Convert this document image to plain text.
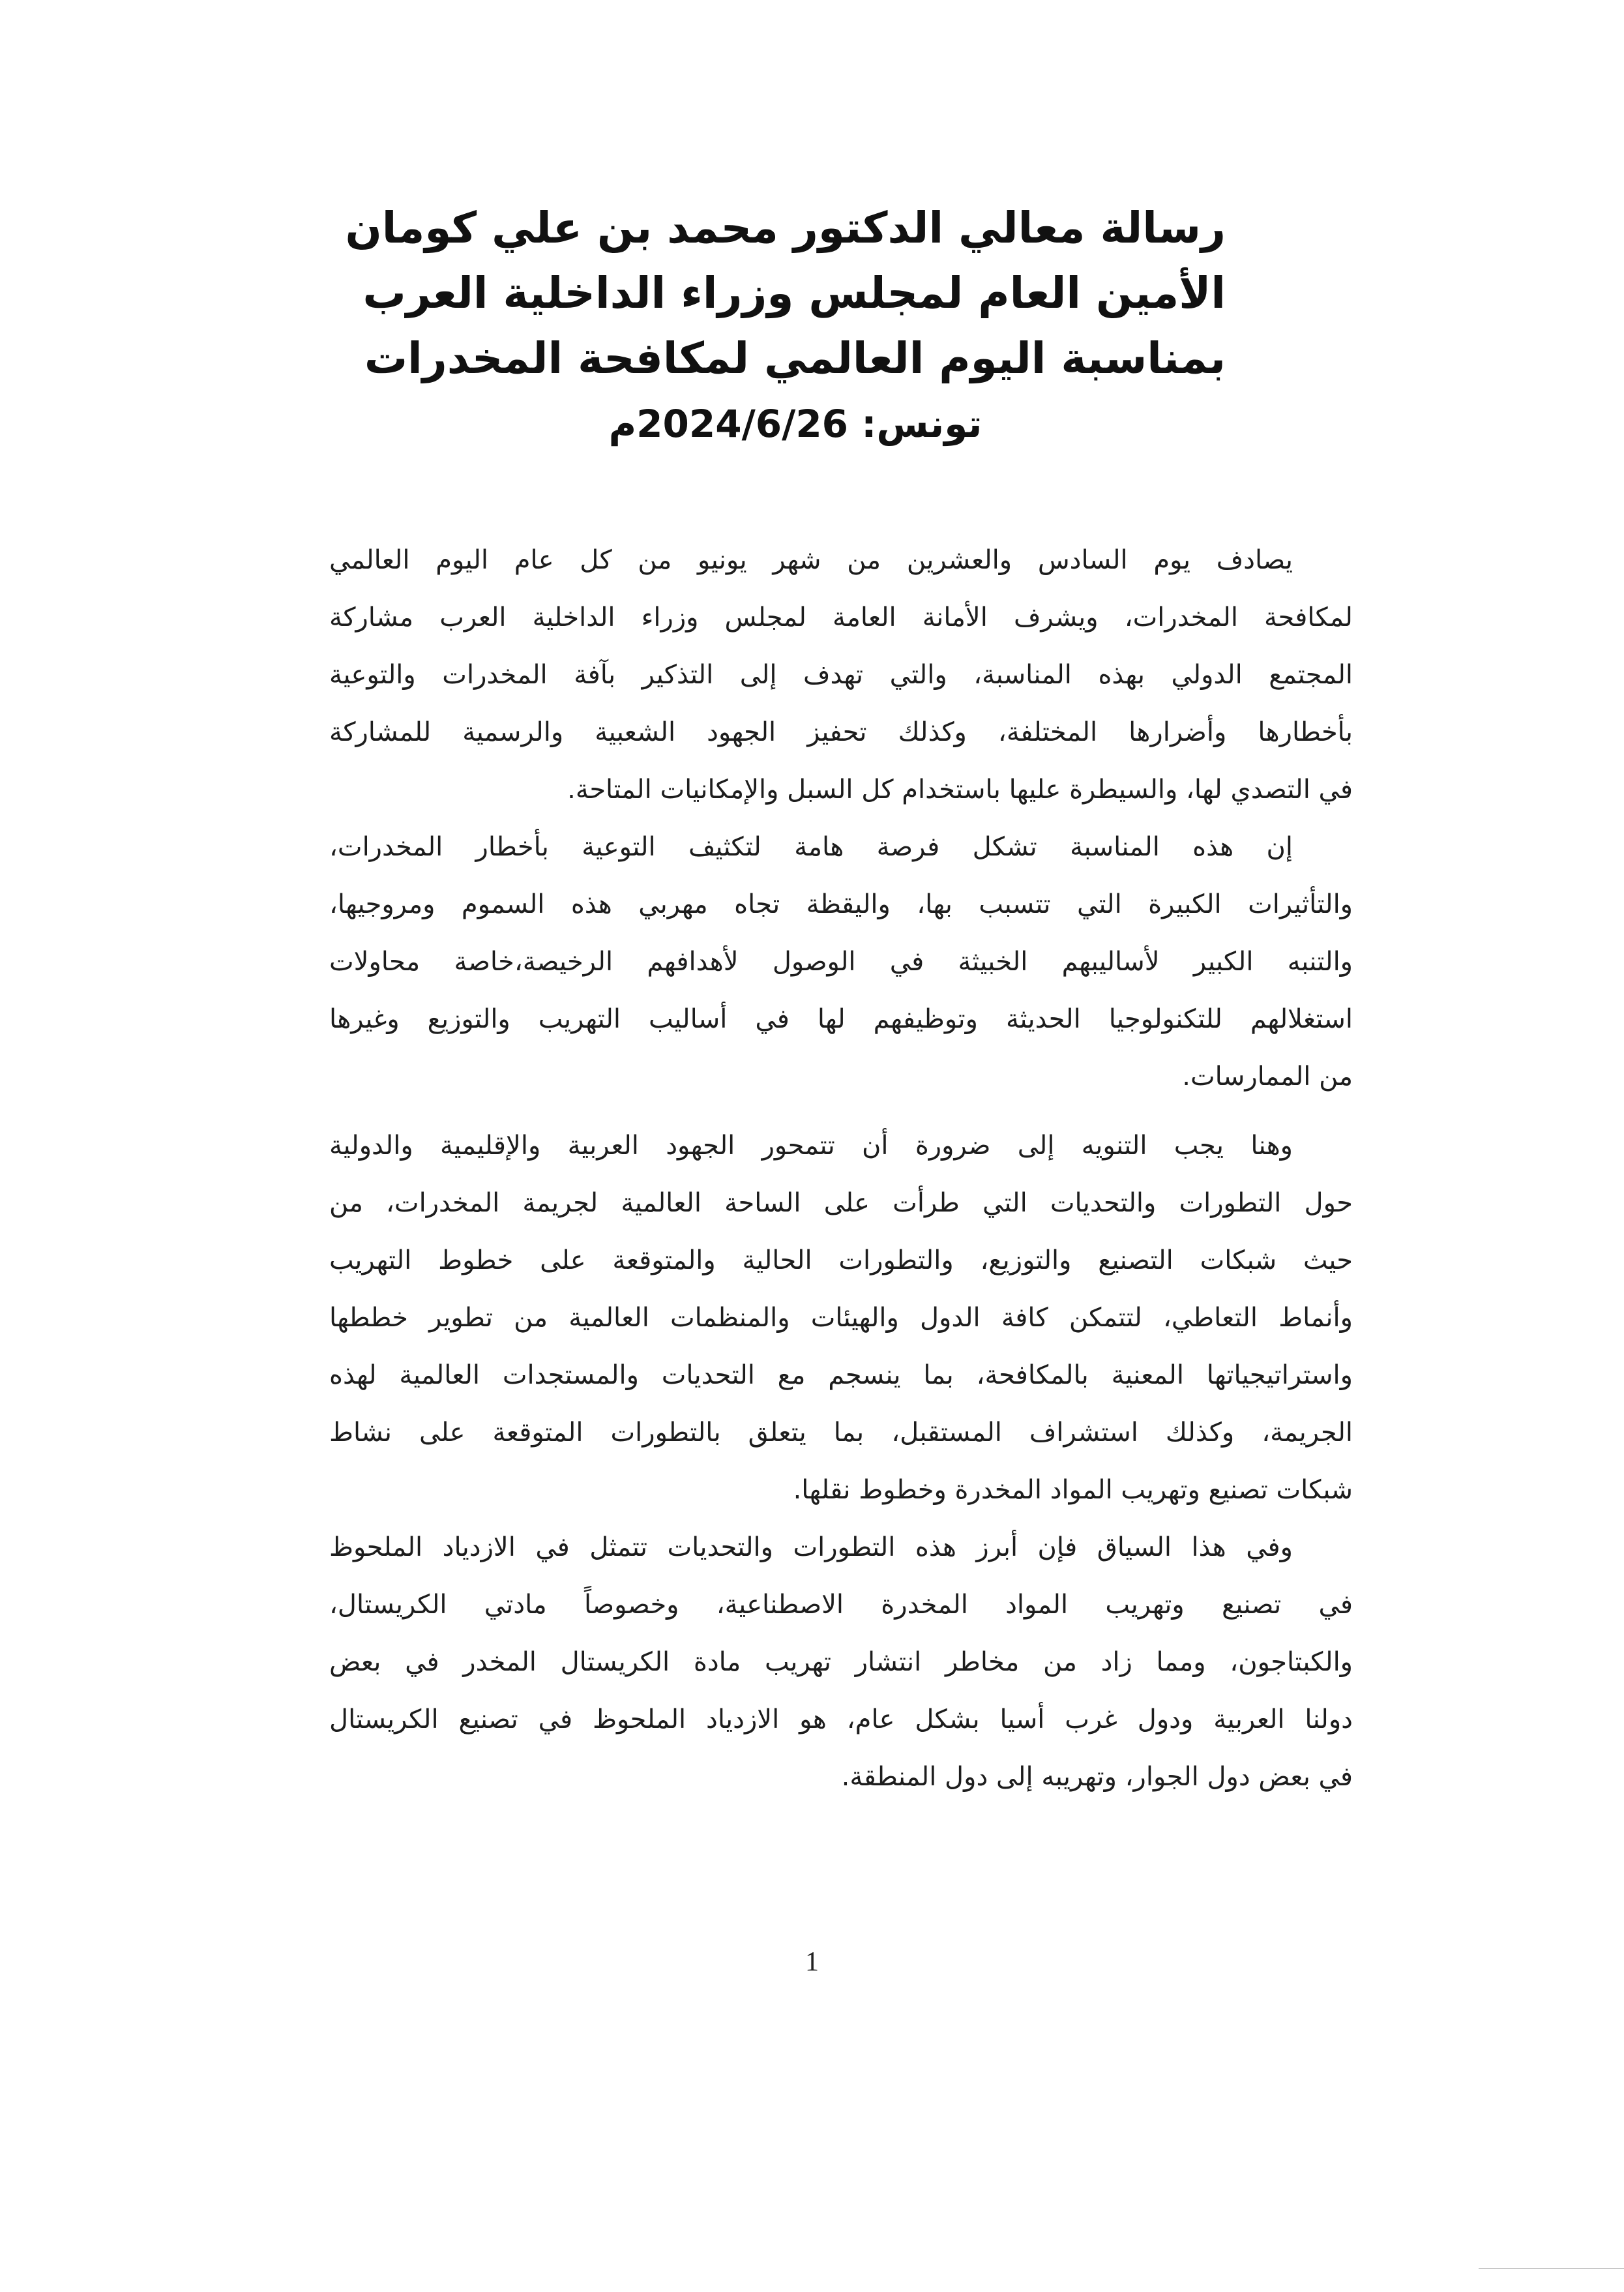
رسالة معالي الدكتور محمد بن علي كومان

الأمين العام لمجلس وزراء الداخلية العرب

بمناسبة اليوم العالمي لمكافحة المخدرات

تونس: 2024/6/26م

يصادف يوم السادس والعشرين من شهر يونيو من كل عام اليوم العالمي
لمكافحة المخدرات، ويشرف الأمانة العامة لمجلس وزراء الداخلية العرب مشاركة
المجتمع الدولي بهذه المناسبة، والتي تهدف إلى التذكير بآفة المخدرات والتوعية
بأخطارها وأضرارها المختلفة، وكذلك تحفيز الجهود الشعبية والرسمية للمشاركة
في التصدي لها، والسيطرة عليها باستخدام كل السبل والإمكانيات المتاحة.
إن هذه المناسبة تشكل فرصة هامة لتكثيف التوعية بأخطار المخدرات،
والتأثيرات الكبيرة التي تتسبب بها، واليقظة تجاه مهربي هذه السموم ومروجيها،
والتنبه الكبير لأساليبهم الخبيثة في الوصول لأهدافهم الرخيصة،خاصة محاولات
استغلالهم للتكنولوجيا الحديثة وتوظيفهم لها في أساليب التهريب والتوزيع وغيرها
من الممارسات.
وهنا يجب التنويه إلى ضرورة أن تتمحور الجهود العربية والإقليمية والدولية
حول التطورات والتحديات التي طرأت على الساحة العالمية لجريمة المخدرات، من
حيث شبكات التصنيع والتوزيع، والتطورات الحالية والمتوقعة على خطوط التهريب
وأنماط التعاطي، لتتمكن كافة الدول والهيئات والمنظمات العالمية من تطوير خططها
واستراتيجياتها المعنية بالمكافحة، بما ينسجم مع التحديات والمستجدات العالمية لهذه
الجريمة، وكذلك استشراف المستقبل، بما يتعلق بالتطورات المتوقعة على نشاط
شبكات تصنيع وتهريب المواد المخدرة وخطوط نقلها.
وفي هذا السياق فإن أبرز هذه التطورات والتحديات تتمثل في الازدياد الملحوظ
في تصنيع وتهريب المواد المخدرة الاصطناعية، وخصوصاً مادتي الكريستال،
والكبتاجون، ومما زاد من مخاطر انتشار تهريب مادة الكريستال المخدر في بعض
دولنا العربية ودول غرب أسيا بشكل عام، هو الازدياد الملحوظ في تصنيع الكريستال
في بعض دول الجوار، وتهريبه إلى دول المنطقة.
1
